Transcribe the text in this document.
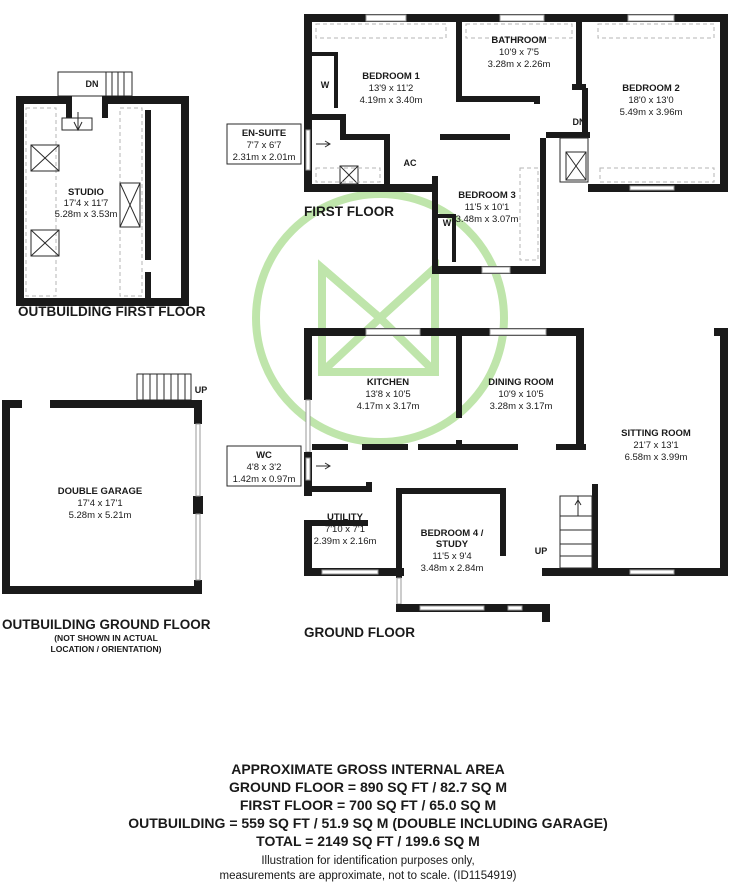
DN
STUDIO
17'4 x 11'7
5.28m x 3.53m
OUTBUILDING FIRST FLOOR
UP
DOUBLE GARAGE
17'4 x 17'1
5.28m x 5.21m
OUTBUILDING GROUND FLOOR
(NOT SHOWN IN ACTUAL
LOCATION / ORIENTATION)
W
BEDROOM 1
13'9 x 11'2
4.19m x 3.40m
BATHROOM
10'9 x 7'5
3.28m x 2.26m
BEDROOM 2
18'0 x 13'0
5.49m x 3.96m
DN
AC
BEDROOM 3
11'5 x 10'1
3.48m x 3.07m
W
EN-SUITE
7'7 x 6'7
2.31m x 2.01m
FIRST FLOOR
KITCHEN
13'8 x 10'5
4.17m x 3.17m
DINING ROOM
10'9 x 10'5
3.28m x 3.17m
SITTING ROOM
21'7 x 13'1
6.58m x 3.99m
UTILITY
7'10 x 7'1
2.39m x 2.16m
BEDROOM 4 /
STUDY
11'5 x 9'4
3.48m x 2.84m
UP
WC
4'8 x 3'2
1.42m x 0.97m
GROUND FLOOR

APPROXIMATE GROSS INTERNAL AREA

GROUND FLOOR = 890 SQ FT / 82.7 SQ M

FIRST FLOOR = 700 SQ FT / 65.0 SQ M

OUTBUILDING = 559 SQ FT / 51.9 SQ M (DOUBLE INCLUDING GARAGE)

TOTAL = 2149 SQ FT / 199.6 SQ M

Illustration for identification purposes only,

measurements are approximate, not to scale. (ID1154919)
